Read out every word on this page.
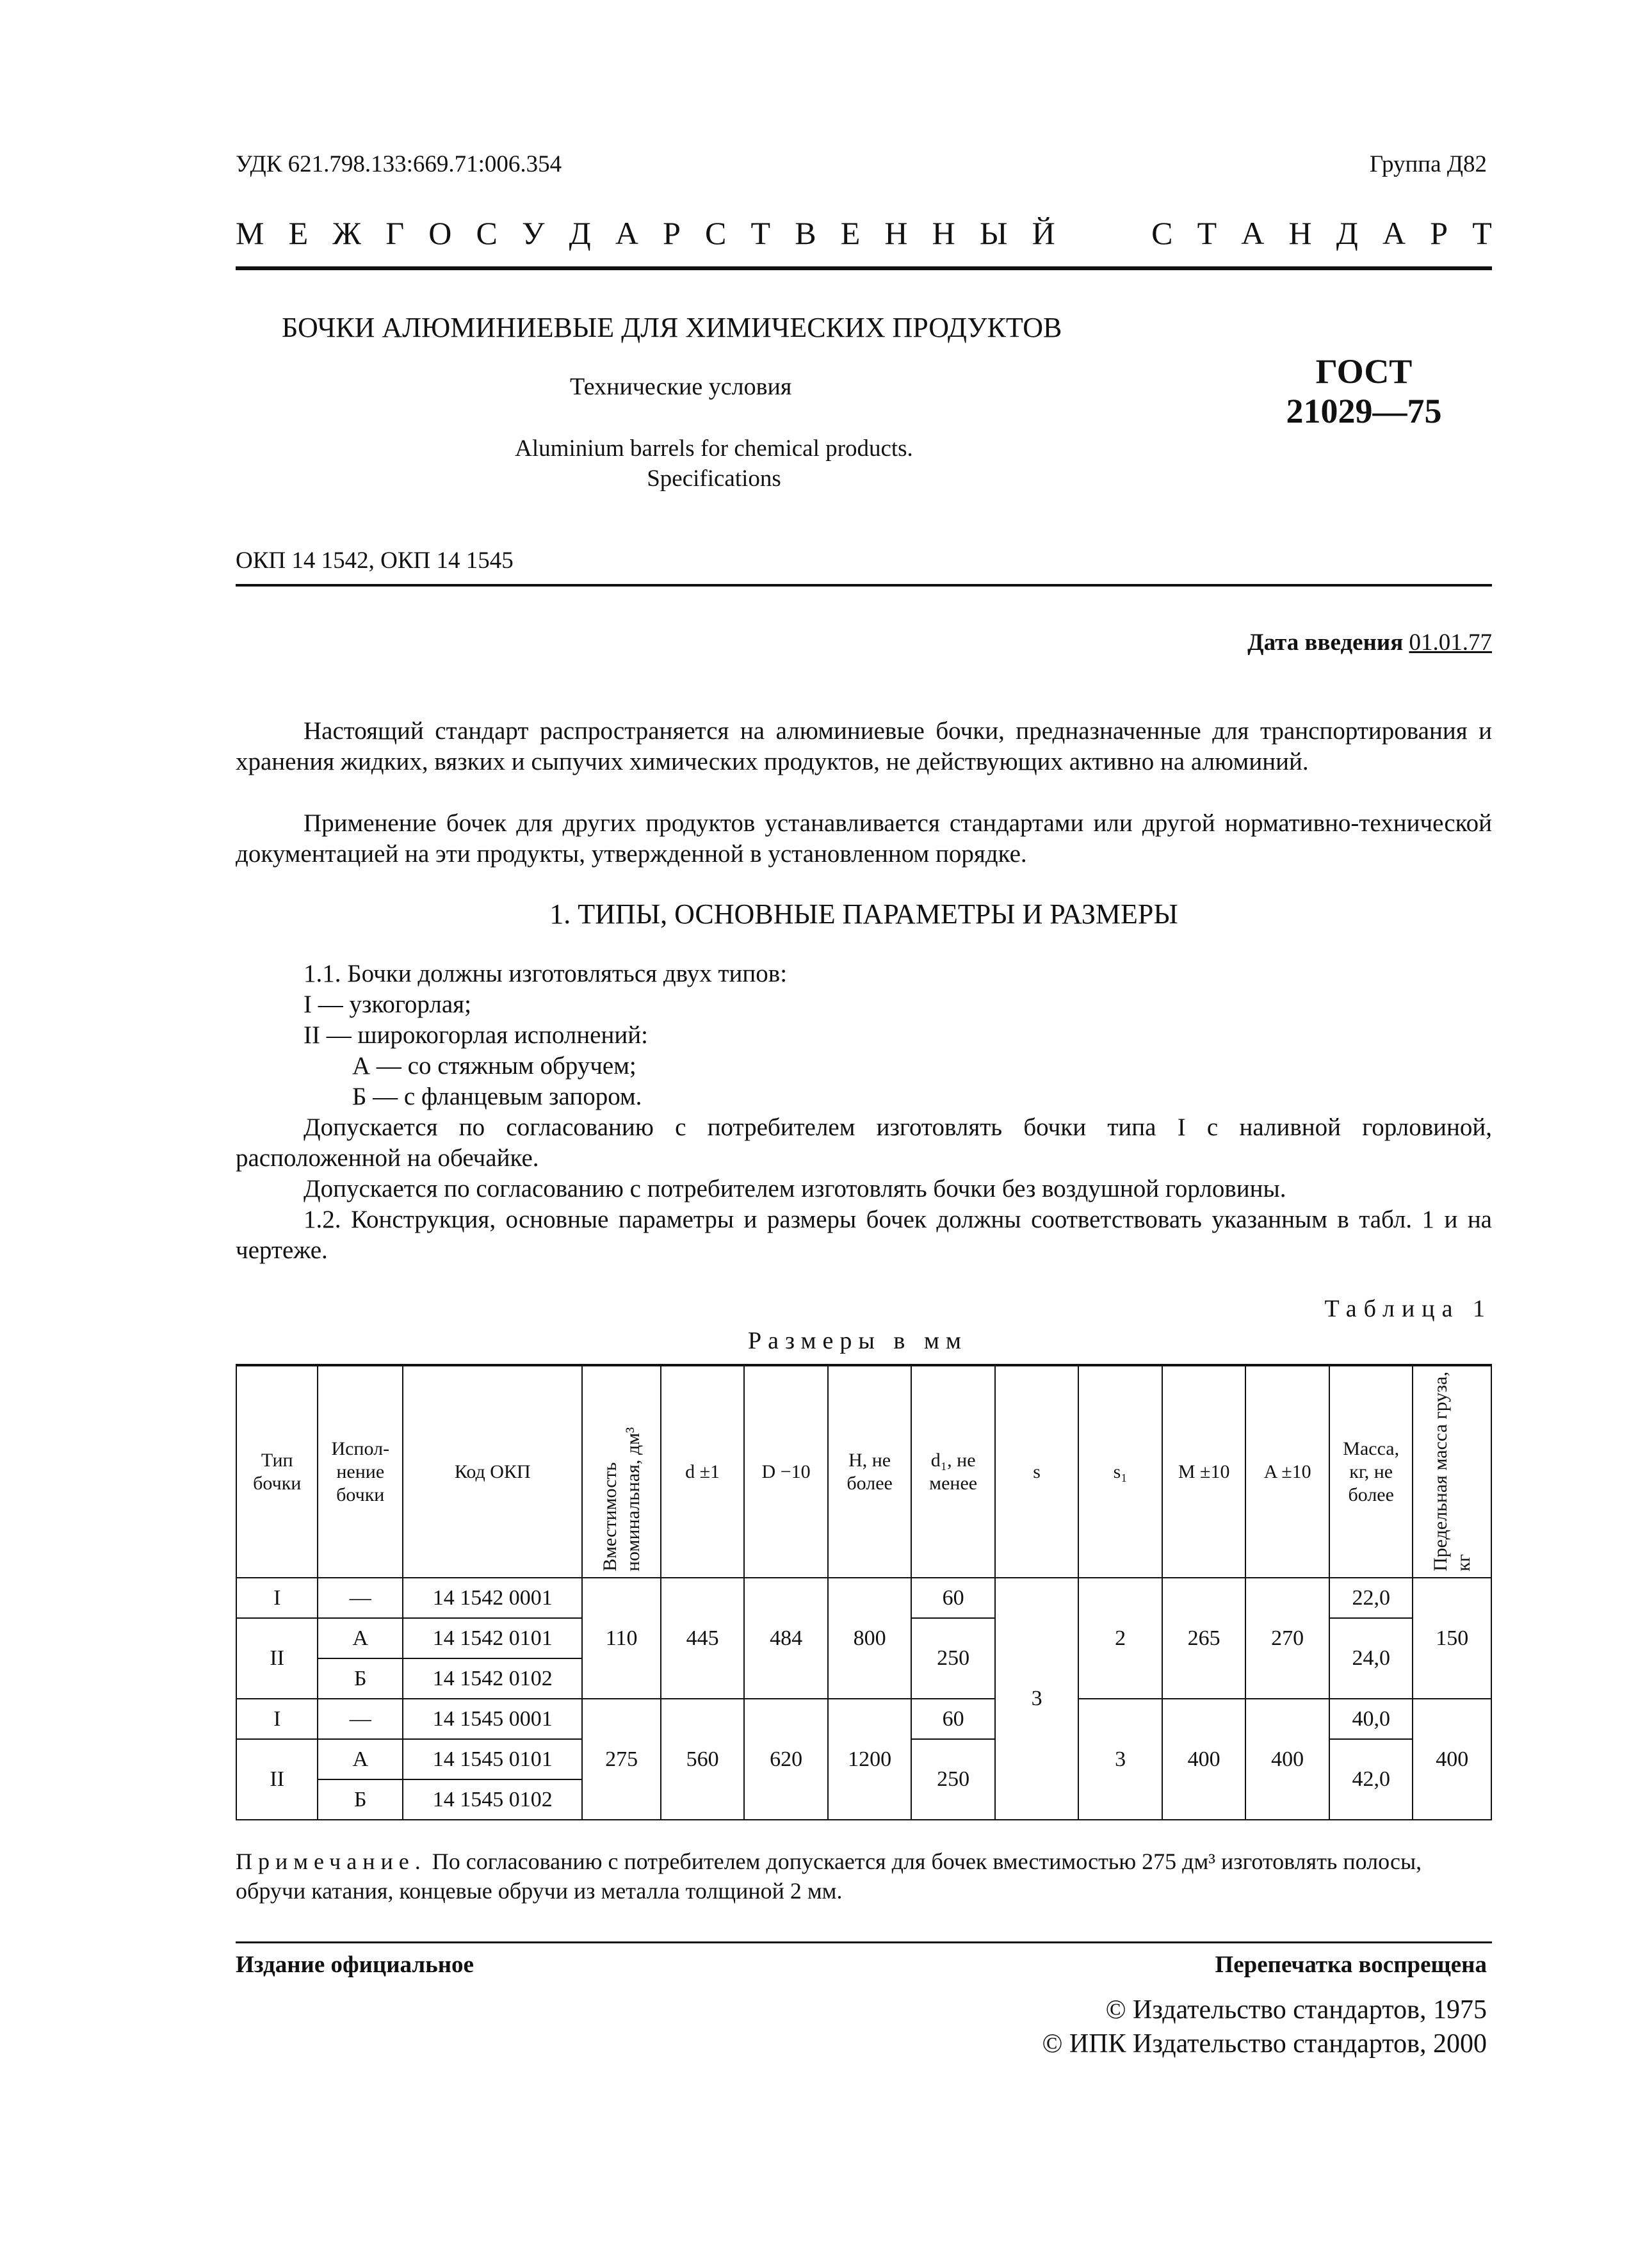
УДК 621.798.133:669.71:006.354	Группа Д82
М Е Ж Г О С У Д А Р С Т В Е Н Н Ы Й	С Т А Н Д А Р Т
БОЧКИ АЛЮМИНИЕВЫЕ ДЛЯ ХИМИЧЕСКИХ ПРОДУКТОВ
Технические условия
Aluminium barrels for chemical products.
Specifications
ГОСТ
21029—75
ОКП 14 1542, ОКП 14 1545
Дата введения 01.01.77
Настоящий стандарт распространяется на алюминиевые бочки, предназначенные для транспортирования и хранения жидких, вязких и сыпучих химических продуктов, не действующих активно на алюминий.
Применение бочек для других продуктов устанавливается стандартами или другой нормативно-технической документацией на эти продукты, утвержденной в установленном порядке.
1. ТИПЫ, ОСНОВНЫЕ ПАРАМЕТРЫ И РАЗМЕРЫ
1.1. Бочки должны изготовляться двух типов:
I — узкогорлая;
II — широкогорлая исполнений:
А — со стяжным обручем;
Б — с фланцевым запором.
Допускается по согласованию с потребителем изготовлять бочки типа I с наливной горловиной, расположенной на обечайке.
Допускается по согласованию с потребителем изготовлять бочки без воздушной горловины.
1.2. Конструкция, основные параметры и размеры бочек должны соответствовать указанным в табл. 1 и на чертеже.
Таблица 1
Размеры в мм
Тип бочки	Исполнение бочки	Код ОКП	Вместимость номинальная, дм³	d ±1	D −10	H, не более	d₁, не менее	s	s₁	M ±10	A ±10	Масса, кг, не более	Предельная масса груза, кг
I	—	14 1542 0001	110	445	484	800	60	3	2	265	270	22,0	150
II	А	14 1542 0101					250					24,0	
	Б	14 1542 0102											
I	—	14 1545 0001	275	560	620	1200	60		3	400	400	40,0	400
II	А	14 1545 0101					250					42,0	
	Б	14 1545 0102											
Примечание. По согласованию с потребителем допускается для бочек вместимостью 275 дм³ изготовлять полосы, обручи катания, концевые обручи из металла толщиной 2 мм.
Издание официальное	Перепечатка воспрещена
© Издательство стандартов, 1975
© ИПК Издательство стандартов, 2000
